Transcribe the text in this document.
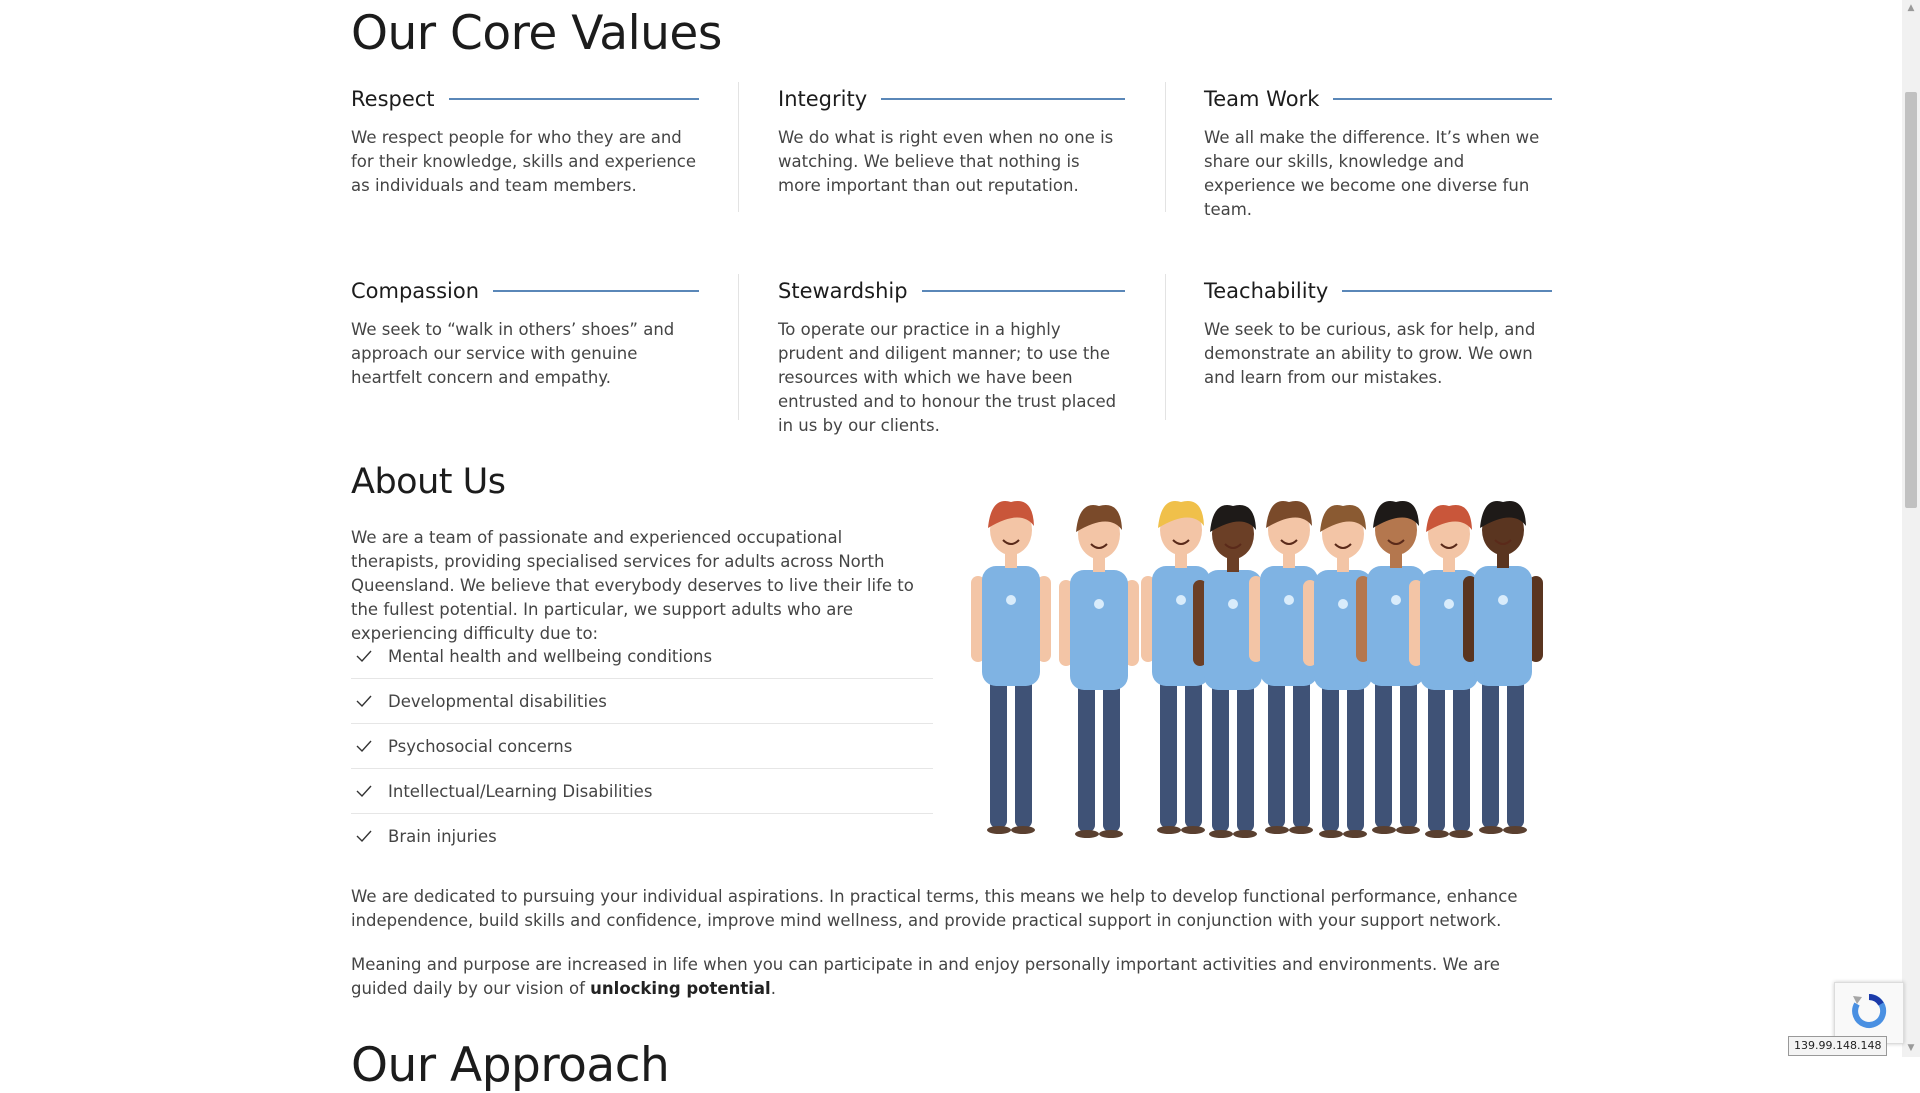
Our Core Values
Respect
We respect people for who they are and for their knowledge, skills and experience as individuals and team members.
Integrity
We do what is right even when no one is watching. We believe that nothing is more important than out reputation.
Team Work
We all make the difference. It’s when we share our skills, knowledge and experience we become one diverse fun team.
Compassion
We seek to “walk in others’ shoes” and approach our service with genuine heartfelt concern and empathy.
Stewardship
To operate our practice in a highly prudent and diligent manner; to use the resources with which we have been entrusted and to honour the trust placed in us by our clients.
Teachability
We seek to be curious, ask for help, and demonstrate an ability to grow. We own and learn from our mistakes.
About Us

We are a team of passionate and experienced occupational therapists, providing specialised services for adults across North Queensland. We believe that everybody deserves to live their life to the fullest potential. In particular, we support adults who are experiencing difficulty due to:

Mental health and wellbeing conditions
Developmental disabilities
Psychosocial concerns
Intellectual/Learning Disabilities
Brain injuries

We are dedicated to pursuing your individual aspirations. In practical terms, this means we help to develop functional performance, enhance independence, build skills and confidence, improve mind wellness, and provide practical support in conjunction with your support network.

Meaning and purpose are increased in life when you can participate in and enjoy personally important activities and environments. We are guided daily by our vision of unlocking potential.

Our Approach
▲
▼
139.99.148.148
